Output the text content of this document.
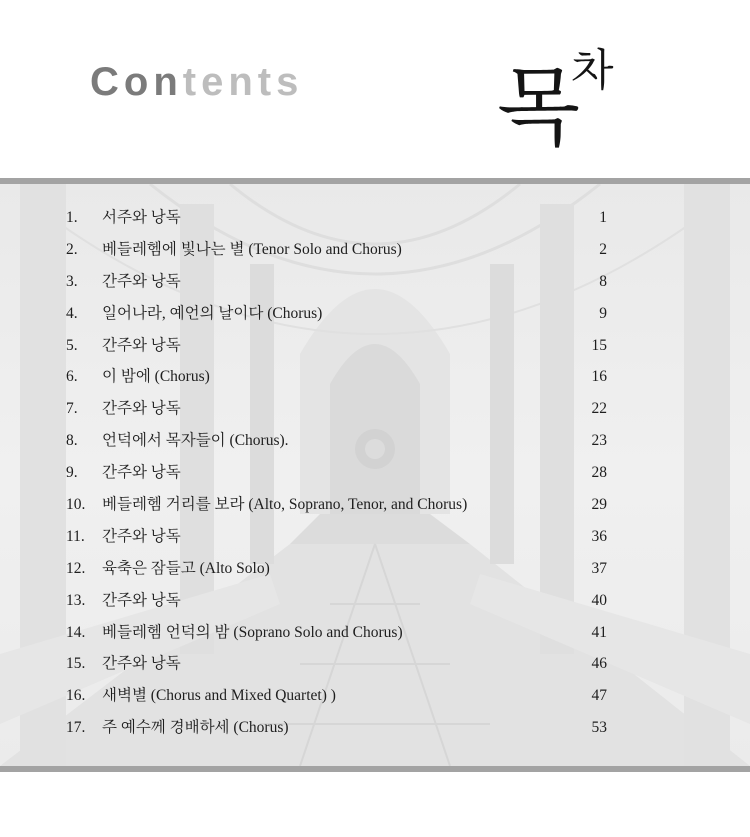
Contents 목
차
1. 서주와 낭독	1
2. 베들레헴에 빛나는 별 (Tenor Solo and Chorus)	2
3. 간주와 낭독	8
4. 일어나라, 예언의 날이다 (Chorus)	9
5. 간주와 낭독	15
6. 이 밤에 (Chorus)	16
7. 간주와 낭독	22
8. 언덕에서 목자들이 (Chorus).	23
9. 간주와 낭독	28
10. 베들레헴 거리를 보라 (Alto, Soprano, Tenor, and Chorus)	29
11. 간주와 낭독	36
12. 육축은 잠들고 (Alto Solo)	37
13. 간주와 낭독	40
14. 베들레헴 언덕의 밤 (Soprano Solo and Chorus)	41
15. 간주와 낭독	46
16. 새벽별 (Chorus and Mixed Quartet) )	47
17. 주 예수께 경배하세 (Chorus)	53
